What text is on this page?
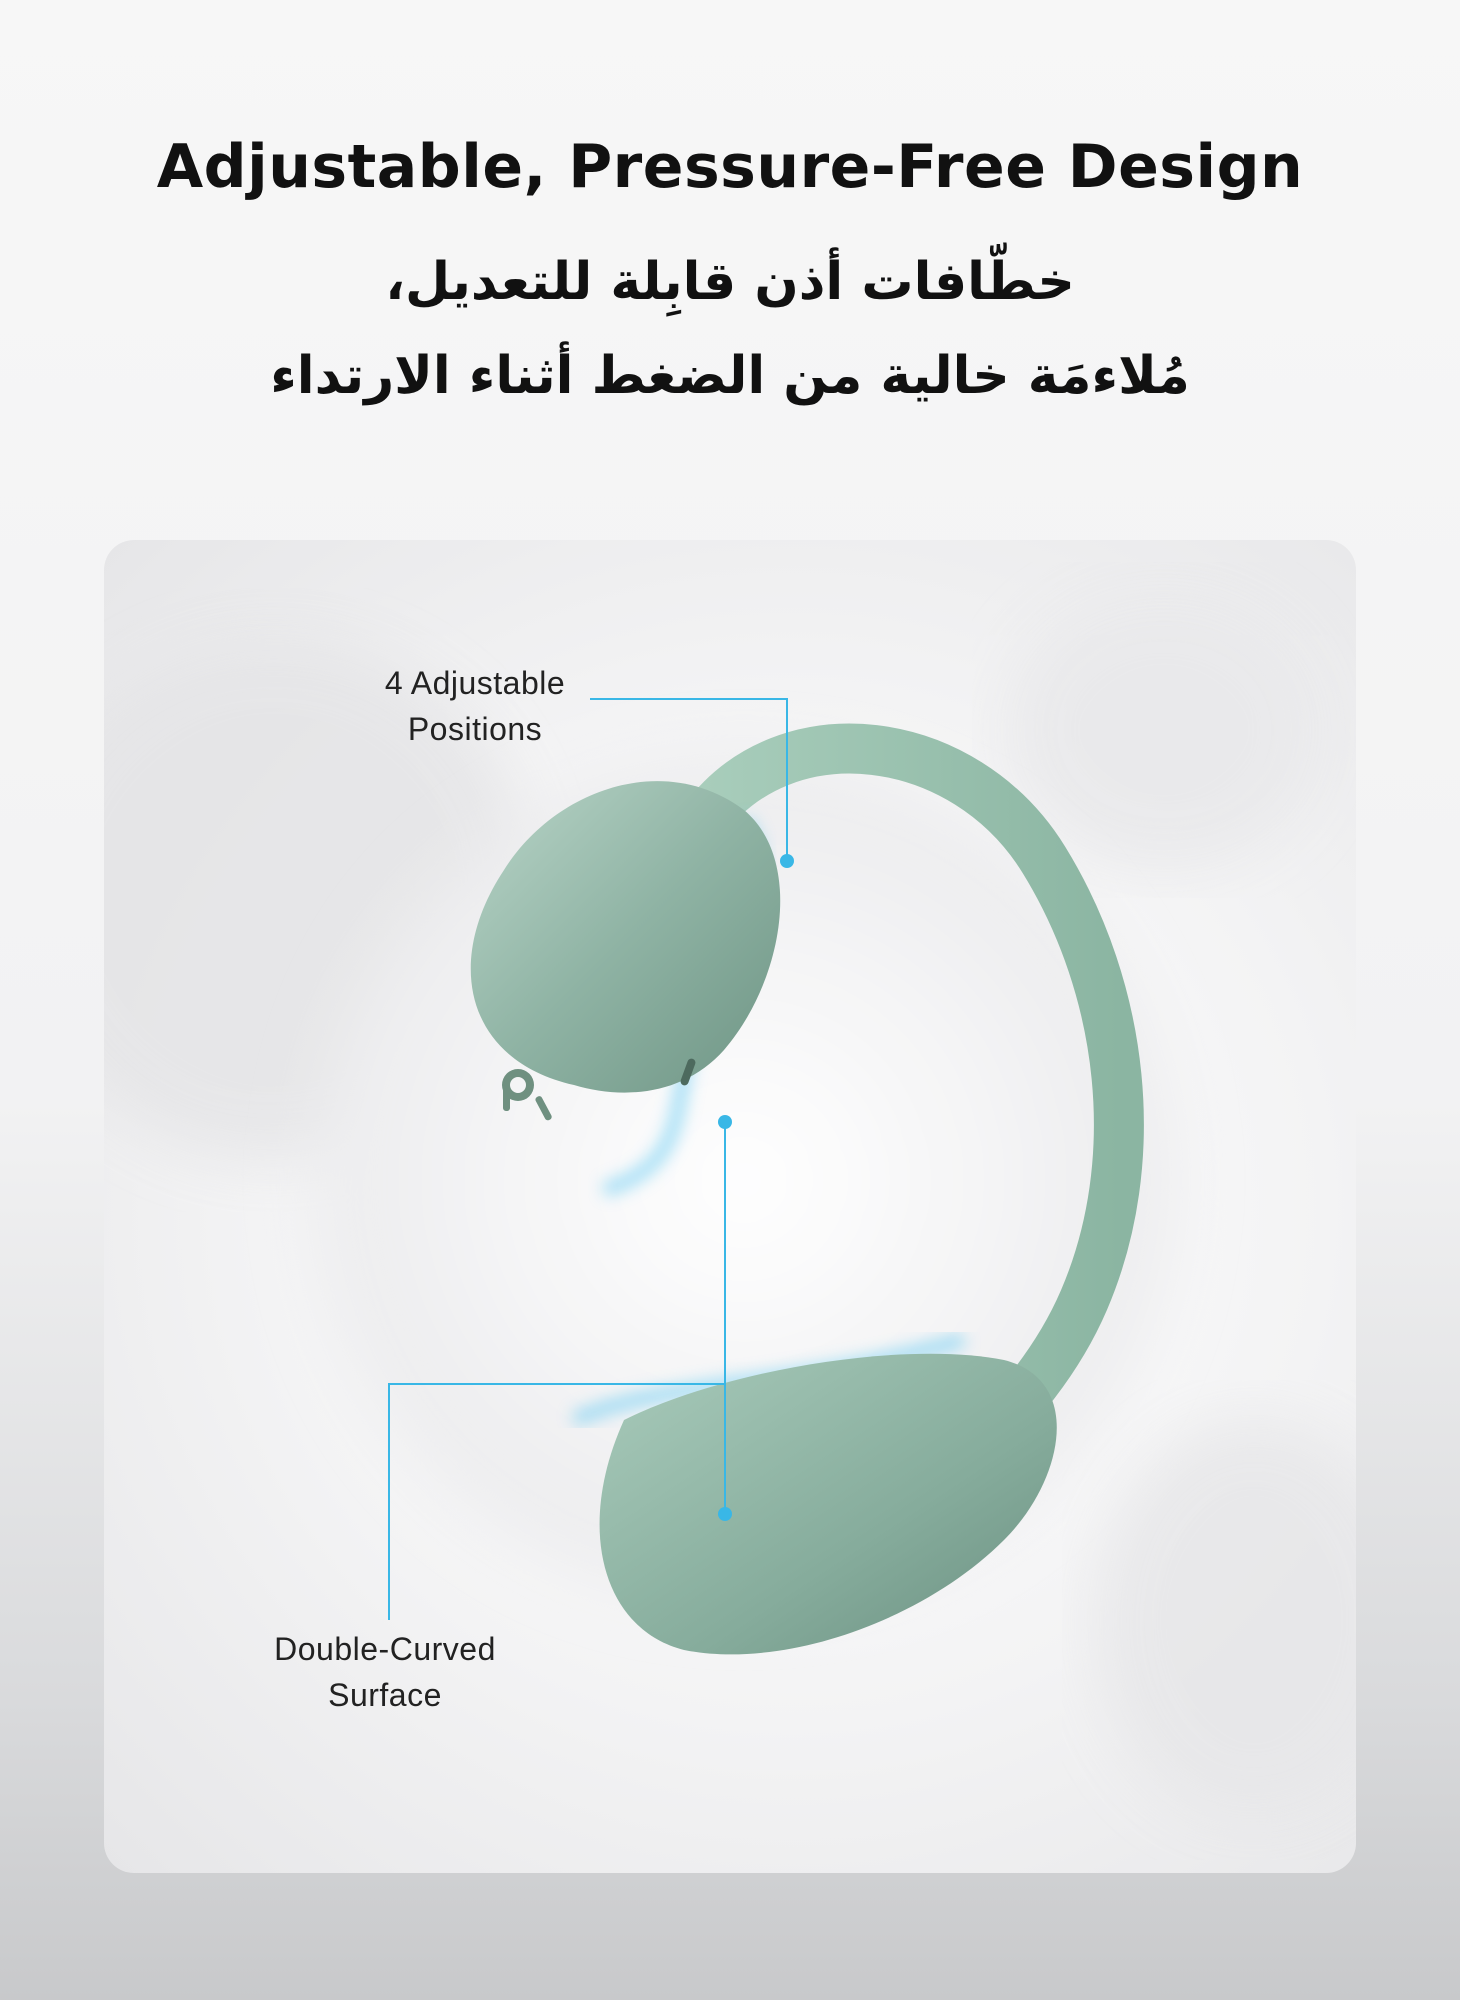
Adjustable, Pressure-Free Design
خطّافات أذن قابِلة للتعديل،
مُلاءمَة خالية من الضغط أثناء الارتداء
4 Adjustable
Positions
Double-Curved
Surface
